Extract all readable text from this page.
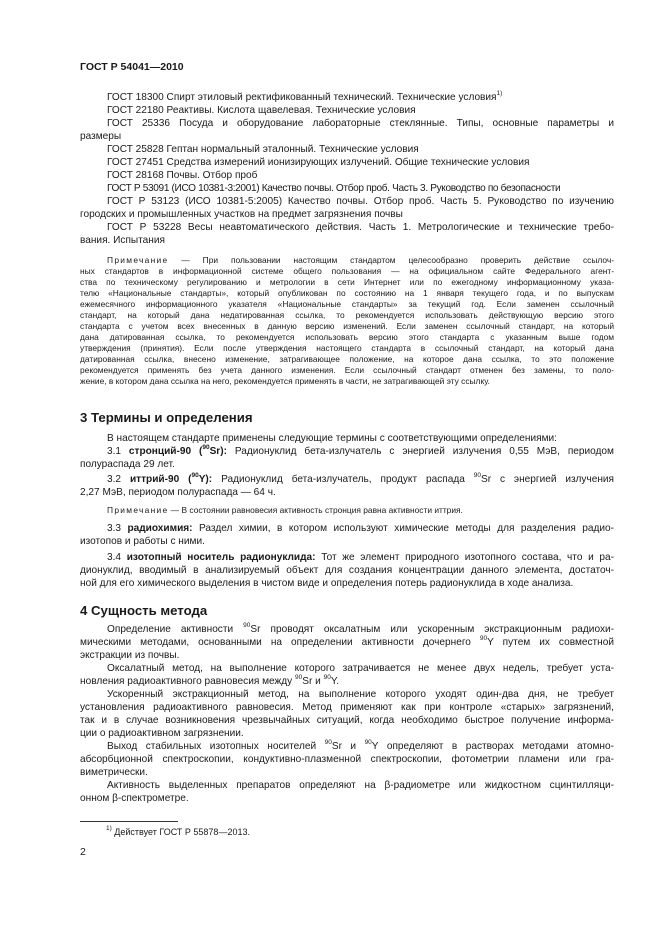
ГОСТ Р 54041—2010
ГОСТ 18300 Спирт этиловый ректификованный технический. Технические условия$^{1)}$
ГОСТ 22180 Реактивы. Кислота щавелевая. Технические условия
ГОСТ 25336 Посуда и оборудование лабораторные стеклянные. Типы, основные параметры и
размеры
ГОСТ 25828 Гептан нормальный эталонный. Технические условия
ГОСТ 27451 Средства измерений ионизирующих излучений. Общие технические условия
ГОСТ 28168 Почвы. Отбор проб
ГОСТ Р 53091 (ИСО 10381-3:2001) Качество почвы. Отбор проб. Часть 3. Руководство по безопасности
ГОСТ Р 53123 (ИСО 10381-5:2005) Качество почвы. Отбор проб. Часть 5. Руководство по изучению
городских и промышленных участков на предмет загрязнения почвы
ГОСТ Р 53228 Весы неавтоматического действия. Часть 1. Метрологические и технические требо-
вания. Испытания
Примечание — При пользовании настоящим стандартом целесообразно проверить действие ссылоч-
ных стандартов в информационной системе общего пользования — на официальном сайте Федерального агент-
ства по техническому регулированию и метрологии в сети Интернет или по ежегодному информационному указа-
телю «Национальные стандарты», который опубликован по состоянию на 1 января текущего года, и по выпускам
ежемесячного информационного указателя «Национальные стандарты» за текущий год. Если заменен ссылочный
стандарт, на который дана недатированная ссылка, то рекомендуется использовать действующую версию этого
стандарта с учетом всех внесенных в данную версию изменений. Если заменен ссылочный стандарт, на который
дана датированная ссылка, то рекомендуется использовать версию этого стандарта с указанным выше годом
утверждения (принятия). Если после утверждения настоящего стандарта в ссылочный стандарт, на который дана
датированная ссылка, внесено изменение, затрагивающее положение, на которое дана ссылка, то это положение
рекомендуется применять без учета данного изменения. Если ссылочный стандарт отменен без замены, то поло-
жение, в котором дана ссылка на него, рекомендуется применять в части, не затрагивающей эту ссылку.
3 Термины и определения
В настоящем стандарте применены следующие термины с соответствующими определениями:
3.1 стронций-90 ($^{90}$Sr): Радионуклид бета-излучатель с энергией излучения 0,55 МэВ, периодом
полураспада 29 лет.
3.2 иттрий-90 ($^{90}$Y): Радионуклид бета-излучатель, продукт распада $^{90}$Sr с энергией излучения
2,27 МэВ, периодом полураспада — 64 ч.
Примечание — В состоянии равновесия активность стронция равна активности иттрия.
3.3 радиохимия: Раздел химии, в котором используют химические методы для разделения радио-
изотопов и работы с ними.
3.4 изотопный носитель радионуклида: Тот же элемент природного изотопного состава, что и ра-
дионуклид, вводимый в анализируемый объект для создания концентрации данного элемента, достаточ-
ной для его химического выделения в чистом виде и определения потерь радионуклида в ходе анализа.
4 Сущность метода
Определение активности $^{90}$Sr проводят оксалатным или ускоренным экстракционным радиохи-
мическими методами, основанными на определении активности дочернего $^{90}$Y путем их совместной
экстракции из почвы.
Оксалатный метод, на выполнение которого затрачивается не менее двух недель, требует уста-
новления радиоактивного равновесия между $^{90}$Sr и $^{90}$Y.
Ускоренный экстракционный метод, на выполнение которого уходят один-два дня, не требует
установления радиоактивного равновесия. Метод применяют как при контроле «старых» загрязнений,
так и в случае возникновения чрезвычайных ситуаций, когда необходимо быстрое получение информа-
ции о радиоактивном загрязнении.
Выход стабильных изотопных носителей $^{90}$Sr и $^{90}$Y определяют в растворах методами атомно-
абсорбционной спектроскопии, кондуктивно-плазменной спектроскопии, фотометрии пламени или гра-
виметрически.
Активность выделенных препаратов определяют на β-радиометре или жидкостном сцинтилляци-
онном β-спектрометре.
$^{1)}$ Действует ГОСТ Р 55878—2013.
2
